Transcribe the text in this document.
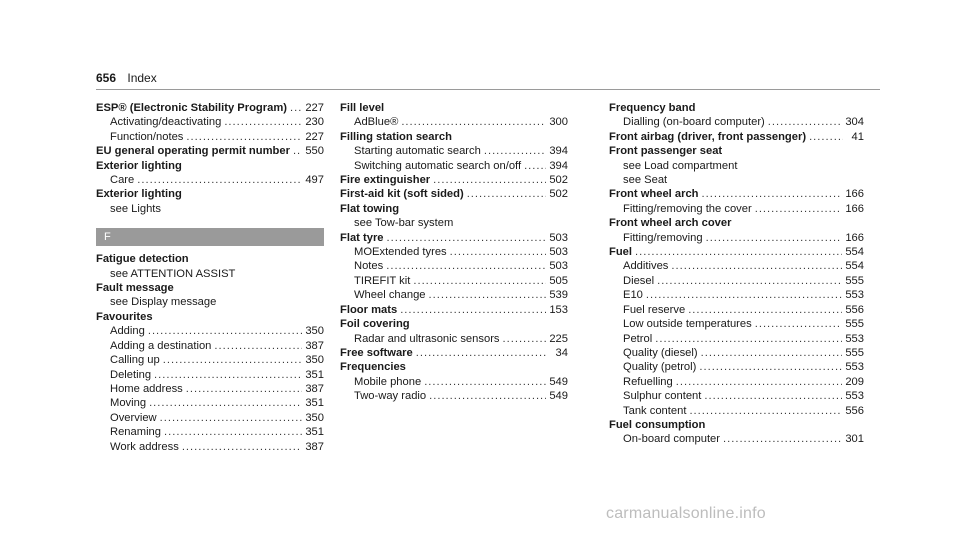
656 Index
ESP® (Electronic Stability Program) ..... 227
Activating/deactivating .....	230
Function/notes .....	227
EU general operating permit number ..... 550
Exterior lighting
Care .....	497
Exterior lighting
see Lights
F
Fatigue detection
see ATTENTION ASSIST
Fault message
see Display message
Favourites
Adding .....	350
Adding a destination .....	387
Calling up .....	350
Deleting .....	351
Home address .....	387
Moving .....	351
Overview .....	350
Renaming .....	351
Work address .....	387
Fill level
AdBlue® .....	300
Filling station search
Starting automatic search .....	394
Switching automatic search on/off .....	394
Fire extinguisher .....	502
First-aid kit (soft sided) .....	502
Flat towing
see Tow-bar system
Flat tyre .....	503
MOExtended tyres .....	503
Notes .....	503
TIREFIT kit .....	505
Wheel change .....	539
Floor mats .....	153
Foil covering
Radar and ultrasonic sensors .....	225
Free software .....	34
Frequencies
Mobile phone .....	549
Two-way radio .....	549
Frequency band
Dialling (on-board computer) .....	304
Front airbag (driver, front passenger) .....	41
Front passenger seat
see Load compartment
see Seat
Front wheel arch .....	166
Fitting/removing the cover .....	166
Front wheel arch cover
Fitting/removing .....	166
Fuel .....	554
Additives .....	554
Diesel .....	555
E10 .....	553
Fuel reserve .....	556
Low outside temperatures .....	555
Petrol .....	553
Quality (diesel) .....	555
Quality (petrol) .....	553
Refuelling .....	209
Sulphur content .....	553
Tank content .....	556
Fuel consumption
On-board computer .....	301
carmanualsonline.info
